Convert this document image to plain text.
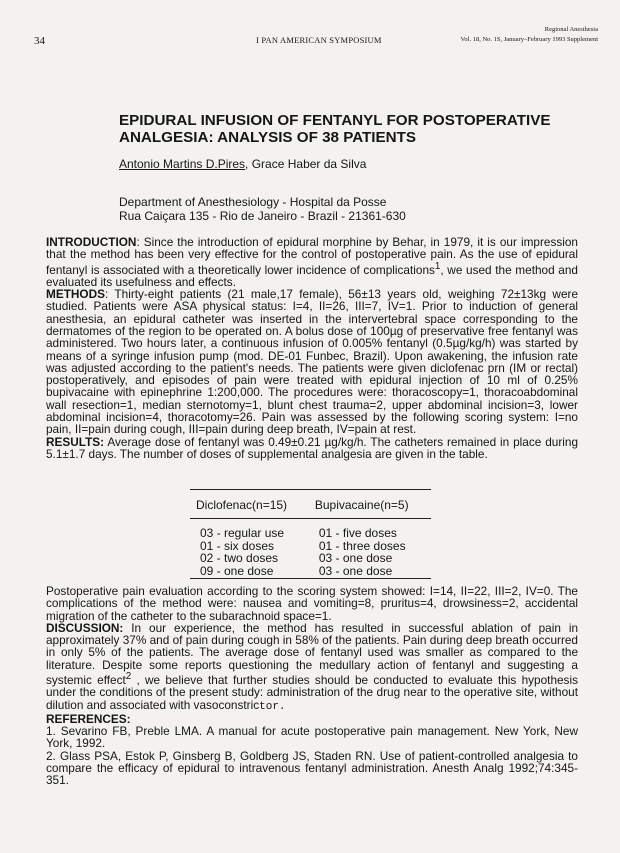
34	I PAN AMERICAN SYMPOSIUM
Regional Anesthesia
Vol. 18, No. 1S, January–February 1993 Supplement
EPIDURAL INFUSION OF FENTANYL FOR POSTOPERATIVE ANALGESIA: ANALYSIS OF 38 PATIENTS
Antonio Martins D.Pires, Grace Haber da Silva
Department of Anesthesiology - Hospital da Posse
Rua Caiçara 135 - Rio de Janeiro - Brazil - 21361-630

INTRODUCTION: Since the introduction of epidural morphine by Behar, in 1979, it is our impression that the method has been very effective for the control of postoperative pain. As the use of epidural fentanyl is associated with a theoretically lower incidence of complications$^1$, we used the method and evaluated its usefulness and effects.

METHODS: Thirty-eight patients (21 male,17 female), 56±13 years old, weighing 72±13kg were studied. Patients were ASA physical status: I=4, II=26, III=7, IV=1. Prior to induction of general anesthesia, an epidural catheter was inserted in the intervertebral space corresponding to the dermatomes of the region to be operated on. A bolus dose of 100µg of preservative free fentanyl was administered. Two hours later, a continuous infusion of 0.005% fentanyl (0.5µg/kg/h) was started by means of a syringe infusion pump (mod. DE-01 Funbec, Brazil). Upon awakening, the infusion rate was adjusted according to the patient's needs. The patients were given diclofenac prn (IM or rectal) postoperatively, and episodes of pain were treated with epidural injection of 10 ml of 0.25% bupivacaine with epinephrine 1:200,000. The procedures were: thoracoscopy=1, thoracoabdominal wall resection=1, median sternotomy=1, blunt chest trauma=2, upper abdominal incision=3, lower abdominal incision=4, thoracotomy=26. Pain was assessed by the following scoring system: I=no pain, II=pain during cough, III=pain during deep breath, IV=pain at rest.

RESULTS: Average dose of fentanyl was 0.49±0.21 µg/kg/h. The catheters remained in place during 5.1±1.7 days. The number of doses of supplemental analgesia are given in the table.

Diclofenac(n=15)	Bupivacaine(n=5)
03 - regular use	01 - five doses
01 - six doses	01 - three doses
02 - two doses	03 - one dose
09 - one dose	03 - one dose

Postoperative pain evaluation according to the scoring system showed: I=14, II=22, III=2, IV=0. The complications of the method were: nausea and vomiting=8, pruritus=4, drowsiness=2, accidental migration of the catheter to the subarachnoid space=1.

DISCUSSION: In our experience, the method has resulted in successful ablation of pain in approximately 37% and of pain during cough in 58% of the patients. Pain during deep breath occurred in only 5% of the patients. The average dose of fentanyl used was smaller as compared to the literature. Despite some reports questioning the medullary action of fentanyl and suggesting a systemic effect$^2$ , we believe that further studies should be conducted to evaluate this hypothesis under the conditions of the present study: administration of the drug near to the operative site, without dilution and associated with vasoconstrictor.

REFERENCES:

1. Sevarino FB, Preble LMA. A manual for acute postoperative pain management. New York, New York, 1992.

2. Glass PSA, Estok P, Ginsberg B, Goldberg JS, Staden RN. Use of patient-controlled analgesia to compare the efficacy of epidural to intravenous fentanyl administration. Anesth Analg 1992;74:345-351.
